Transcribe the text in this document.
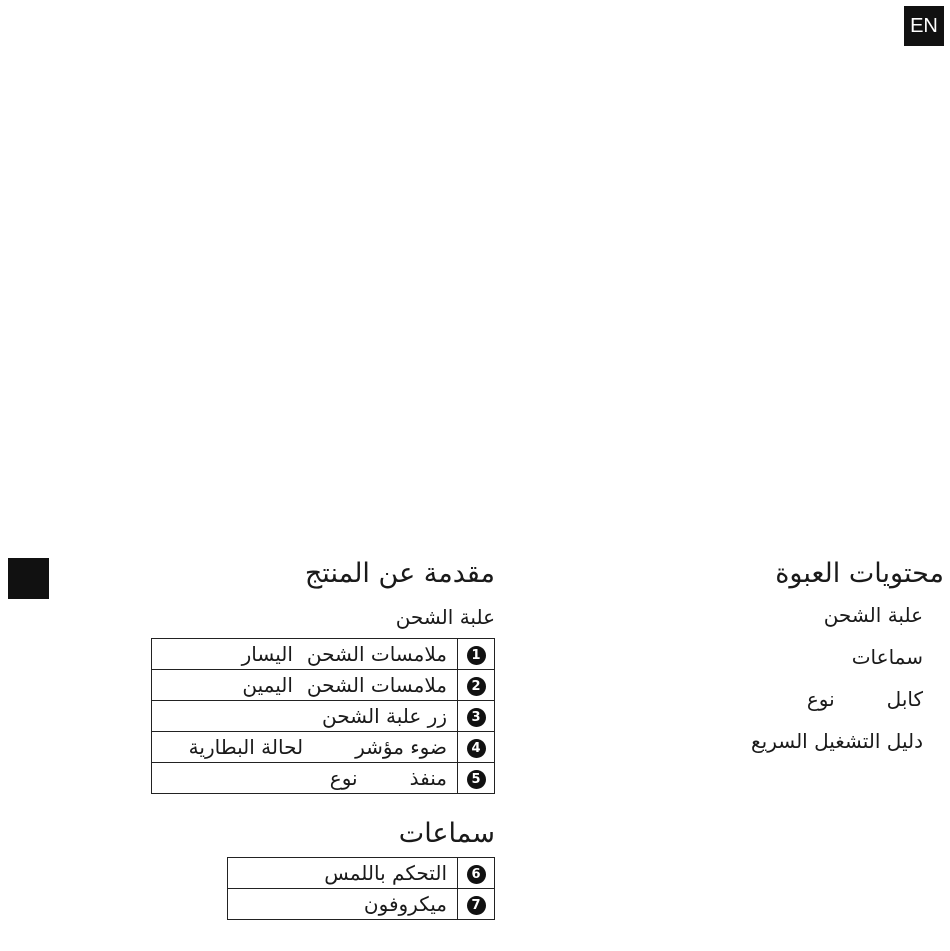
EN
محتويات العبوة
علبة الشحن
سماعات
كابلنوع
دليل التشغيل السريع
مقدمة عن المنتج
علبة الشحن
1	ملامسات الشحناليسار
2	ملامسات الشحناليمين
3	زر علبة الشحن
4	ضوء مؤشرلحالة البطارية
5	منفذنوع
سماعات
6	التحكم باللمس
7	ميكروفون
